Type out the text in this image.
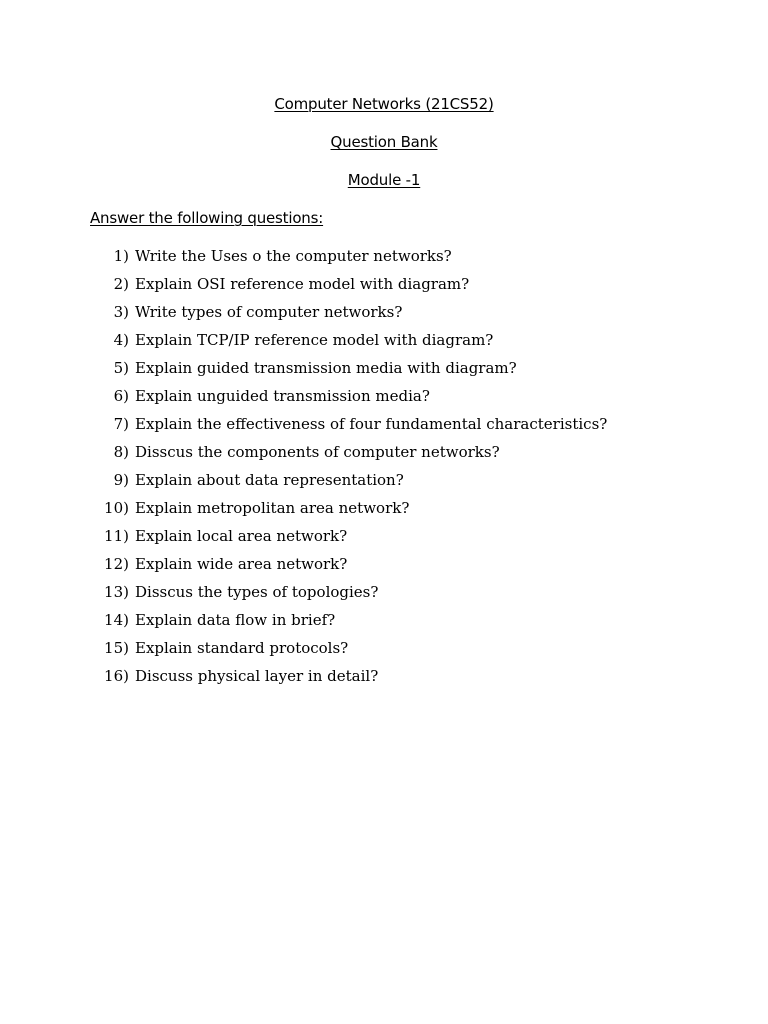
Computer Networks (21CS52)
Question Bank
Module -1
Answer the following questions:
1) Write the Uses o the computer networks?
2) Explain OSI reference model with diagram?
3) Write types of computer networks?
4) Explain TCP/IP reference model with diagram?
5) Explain guided transmission media with diagram?
6) Explain unguided transmission media?
7) Explain the effectiveness of four fundamental characteristics?
8) Disscus the components of computer networks?
9) Explain about data representation?
10) Explain metropolitan area network?
11) Explain local area network?
12) Explain wide area network?
13) Disscus the types of topologies?
14) Explain data flow in brief?
15) Explain standard protocols?
16) Discuss physical layer in detail?
